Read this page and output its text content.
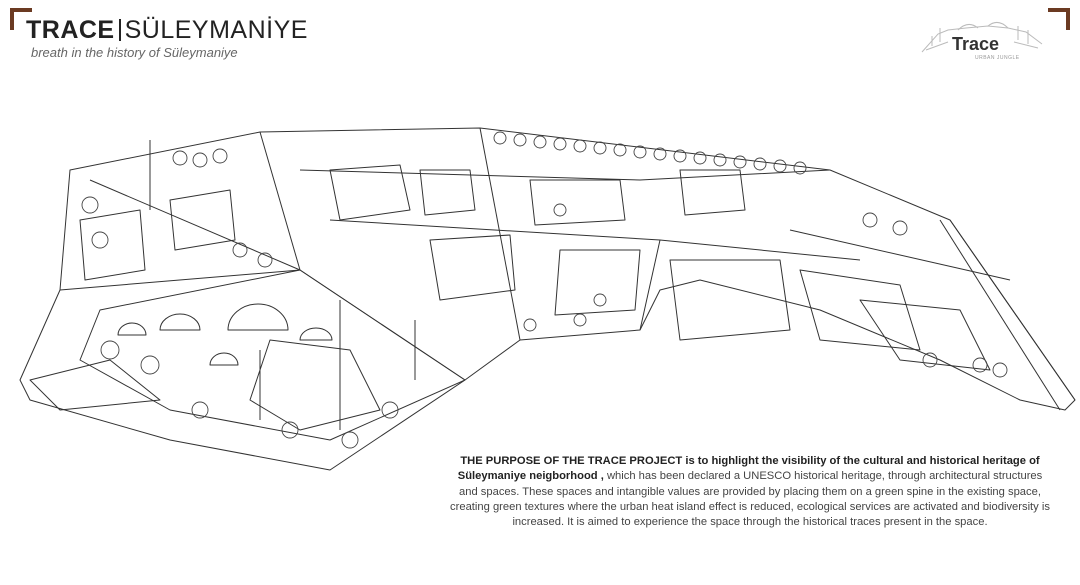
TRACE SÜLEYMANİYE
breath in the history of Süleymaniye	Trace
URBAN JUNGLE
THE PURPOSE OF THE TRACE PROJECT is to highlight the visibility of the cultural and historical heritage of Süleymaniye neigborhood , which has been declared a UNESCO historical heritage, through architectural structures and spaces. These spaces and intangible values are provided by placing them on a green spine in the existing space, creating green textures where the urban heat island effect is reduced, ecological services are activated and biodiversity is increased. It is aimed to experience the space through the historical traces present in the space.
